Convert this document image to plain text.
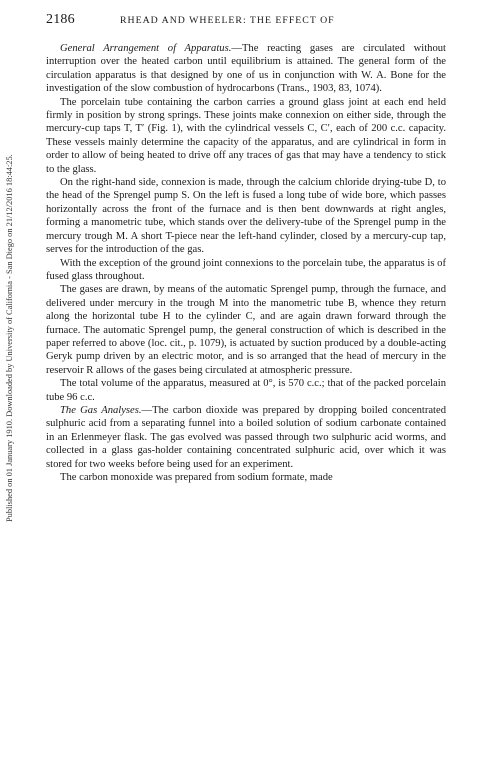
Published on 01 January 1910. Downloaded by University of California - San Diego on 21/12/2016 18:44:25.
2186	RHEAD AND WHEELER: THE EFFECT OF

General Arrangement of Apparatus.—The reacting gases are circulated without interruption over the heated carbon until equilibrium is attained. The general form of the circulation apparatus is that designed by one of us in conjunction with W. A. Bone for the investigation of the slow combustion of hydrocarbons (Trans., 1903, 83, 1074).

The porcelain tube containing the carbon carries a ground glass joint at each end held firmly in position by strong springs. These joints make connexion on either side, through the mercury-cup taps T, T′ (Fig. 1), with the cylindrical vessels C, C′, each of 200 c.c. capacity. These vessels mainly determine the capacity of the apparatus, and are cylindrical in form in order to allow of being heated to drive off any traces of gas that may have a tendency to stick to the glass.

On the right-hand side, connexion is made, through the calcium chloride drying-tube D, to the head of the Sprengel pump S. On the left is fused a long tube of wide bore, which passes horizontally across the front of the furnace and is then bent downwards at right angles, forming a manometric tube, which stands over the delivery-tube of the Sprengel pump in the mercury trough M. A short T-piece near the left-hand cylinder, closed by a mercury-cup tap, serves for the introduction of the gas.

With the exception of the ground joint connexions to the porcelain tube, the apparatus is of fused glass throughout.

The gases are drawn, by means of the automatic Sprengel pump, through the furnace, and delivered under mercury in the trough M into the manometric tube B, whence they return along the horizontal tube H to the cylinder C, and are again drawn forward through the furnace. The automatic Sprengel pump, the general construction of which is described in the paper referred to above (loc. cit., p. 1079), is actuated by suction produced by a double-acting Geryk pump driven by an electric motor, and is so arranged that the head of mercury in the reservoir R allows of the gases being circulated at atmospheric pressure.

The total volume of the apparatus, measured at 0°, is 570 c.c.; that of the packed porcelain tube 96 c.c.

The Gas Analyses.—The carbon dioxide was prepared by dropping boiled concentrated sulphuric acid from a separating funnel into a boiled solution of sodium carbonate contained in an Erlenmeyer flask. The gas evolved was passed through two sulphuric acid worms, and collected in a glass gas-holder containing concentrated sulphuric acid, over which it was stored for two weeks before being used for an experiment.

The carbon monoxide was prepared from sodium formate, made
